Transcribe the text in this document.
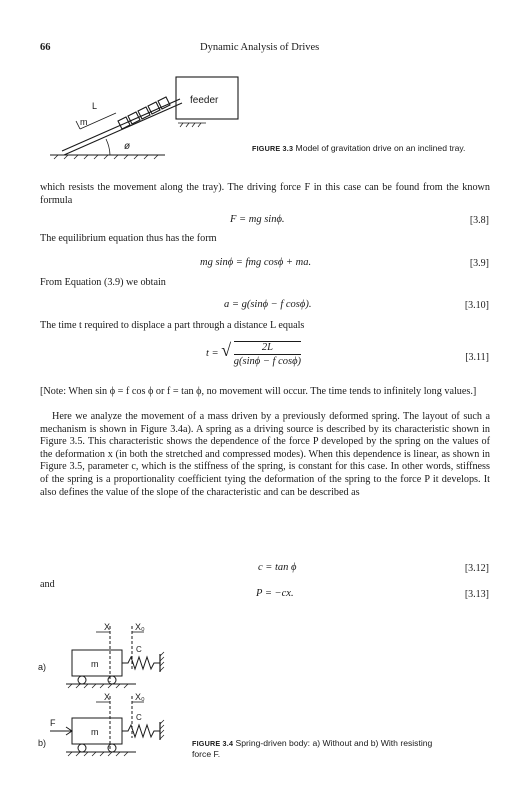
66	Dynamic Analysis of Drives
feeder
L
m
ø	FIGURE 3.3 Model of gravitation drive on an inclined tray.
which resists the movement along the tray). The driving force F in this case can be found from the known formula
F = mg sinϕ.	[3.8]
The equilibrium equation thus has the form
mg sinϕ = fmg cosϕ + ma.	[3.9]
From Equation (3.9) we obtain
a = g(sinϕ − f cosϕ).	[3.10]
The time t required to displace a part through a distance L equals
t = √ $\frac{2L}{\text{g(sinϕ − f cosϕ)}}$	[3.11]
[Note: When sin ϕ = f cos ϕ or f = tan ϕ, no movement will occur. The time tends to infinitely long values.]
Here we analyze the movement of a mass driven by a previously deformed spring. The layout of such a mechanism is shown in Figure 3.4a). A spring as a driving source is described by its characteristic shown in Figure 3.5. This characteristic shows the dependence of the force P developed by the spring on the values of the deformation x (in both the stretched and compressed modes). When this dependence is linear, as shown in Figure 3.5, parameter c, which is the stiffness of the spring, is constant for this case. In other words, stiffness of the spring is a proportionality coefficient tying the deformation of the spring to the force P it develops. It also defines the value of the slope of the characteristic and can be described as
c = tan ϕ	[3.12]
and
P = −cx.	[3.13]
a)
X	X₀
C
m
b)
X	X₀
C
m
F
FIGURE 3.4 Spring-driven body: a) Without and b) With resisting force F.
